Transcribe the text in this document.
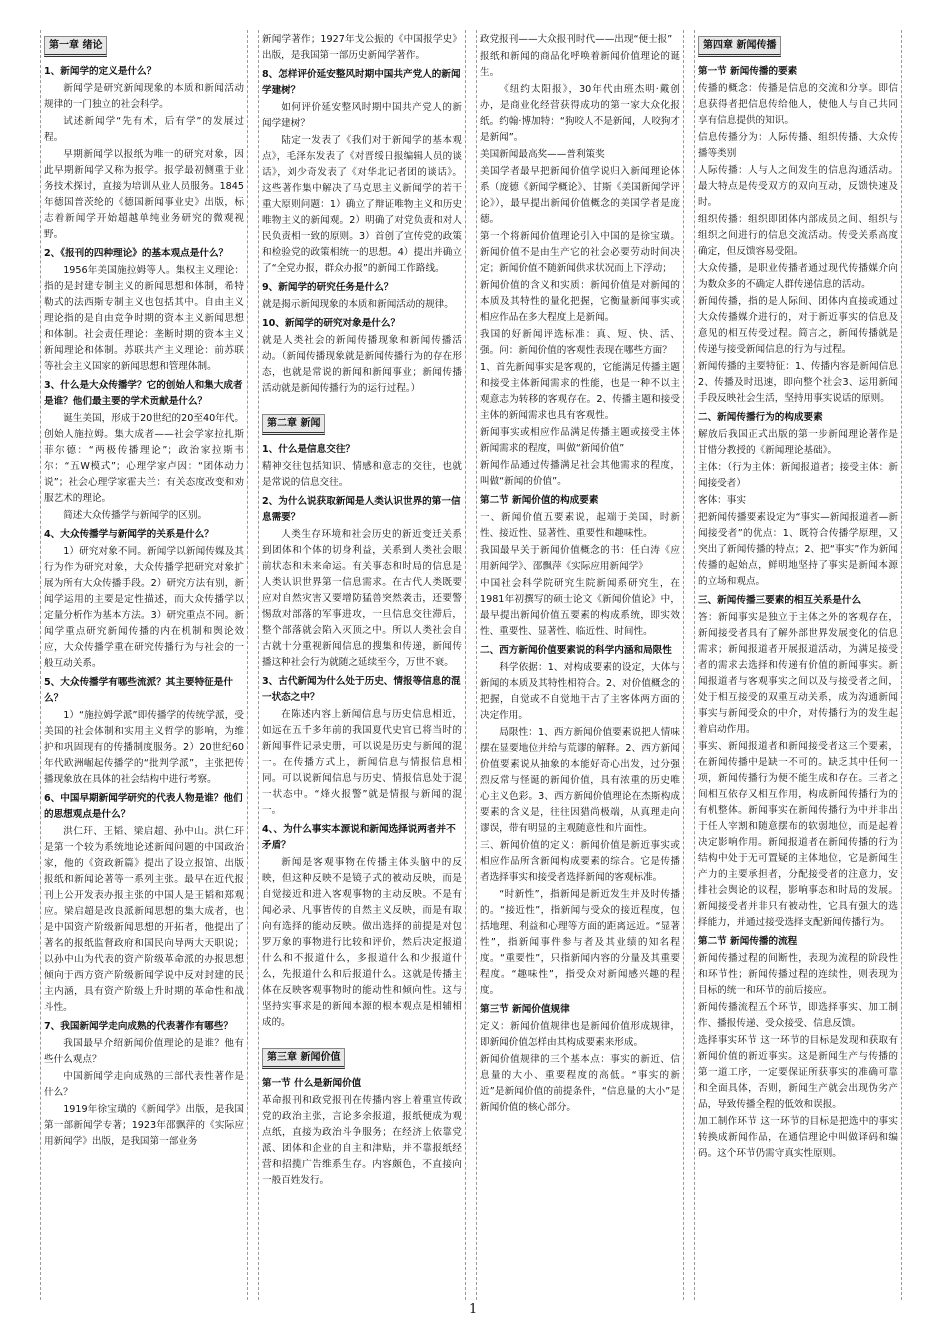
第一章 绪论
1、新闻学的定义是什么？

新闻学是研究新闻现象的本质和新闻活动规律的一门独立的社会科学。

试述新闻学“先有术，后有学”的发展过程。

早期新闻学以报纸为唯一的研究对象，因此早期新闻学又称为报学。报学最初侧重于业务技术探讨，直接为培训从业人员服务。1845年德国普茨纶的《德国新闻事业史》出版，标志着新闻学开始超越单纯业务研究的微观视野。

2、《报刊的四种理论》的基本观点是什么？

1956年美国施拉姆等人。集权主义理论：指的是封建专制主义的新闻思想和体制，希特勒式的法西斯专制主义也包括其中。自由主义理论指的是自由竞争时期的资本主义新闻思想和体制。社会责任理论：垄断时期的资本主义新闻理论和体制。苏联共产主义理论：前苏联等社会主义国家的新闻思想和管理体制。

3、什么是大众传播学？它的创始人和集大成者是谁？他们最主要的学术贡献是什么？

诞生美国，形成于20世纪的20至40年代。创始人施拉姆。集大成者——社会学家拉扎斯菲尔德：“两极传播理论”；政治家拉斯韦尔：“五W模式”；心理学家卢因：“团体动力说”；社会心理学家霍夫兰：有关态度改变和劝服艺术的理论。

简述大众传播学与新闻学的区别。

4、大众传播学与新闻学的关系是什么？

1）研究对象不同。新闻学以新闻传媒及其行为作为研究对象，大众传播学把研究对象扩展为所有大众传播手段。2）研究方法有别，新闻学运用的主要是定性描述，而大众传播学以定量分析作为基本方法。3）研究重点不同。新闻学重点研究新闻传播的内在机制和舆论效应，大众传播学重在研究传播行为与社会的一般互动关系。

5、大众传播学有哪些流派？其主要特征是什么？

1）“施拉姆学派”即传播学的传统学派，受美国的社会体制和实用主义哲学的影响，为维护和巩固现有的传播制度服务。2）20世纪60年代欧洲崛起传播学的“批判学派”，主张把传播现象放在具体的社会结构中进行考察。

6、中国早期新闻学研究的代表人物是谁？他们的思想观点是什么？

洪仁玕、王韬、梁启超、孙中山。洪仁玕是第一个较为系统地论述新闻问题的中国政治家，他的《资政新篇》提出了设立报馆、出版报纸和新闻论著等一系列主张。最早在近代报刊上公开发表办报主张的中国人是王韬和郑观应。梁启超是改良派新闻思想的集大成者，也是中国资产阶级新闻思想的开拓者，他提出了著名的报纸监督政府和国民向导两大天职说；以孙中山为代表的资产阶级革命派的办报思想倾向于西方资产阶级新闻学说中反对封建的民主内涵，具有资产阶级上升时期的革命性和战斗性。

7、我国新闻学走向成熟的代表著作有哪些？

我国最早介绍新闻价值理论的是谁？他有些什么观点？

中国新闻学走向成熟的三部代表性著作是什么？

1919年徐宝璜的《新闻学》出版，是我国第一部新闻学专著；1923年邵飘萍的《实际应用新闻学》出版，是我国第一部业务

新闻学著作；1927年戈公振的《中国报学史》出版，是我国第一部历史新闻学著作。

8、怎样评价延安整风时期中国共产党人的新闻学建树？

如何评价延安整风时期中国共产党人的新闻学建树？

陆定一发表了《我们对于新闻学的基本观点》，毛泽东发表了《对晋绥日报编辑人员的谈话》，刘少奇发表了《对华北记者团的谈话》。这些著作集中解决了马克思主义新闻学的若干重大原则问题：1）确立了辩证唯物主义和历史唯物主义的新闻观。2）明确了对党负责和对人民负责相一致的原则。3）首创了宣传党的政策和检验党的政策相统一的思想。4）提出并确立了“全党办报，群众办报”的新闻工作路线。

9、新闻学的研究任务是什么？

就是揭示新闻现象的本质和新闻活动的规律。

10、新闻学的研究对象是什么？

就是人类社会的新闻传播现象和新闻传播活动。（新闻传播现象就是新闻传播行为的存在形态，也就是常说的新闻和新闻事业；新闻传播活动就是新闻传播行为的运行过程。）

第二章 新闻
1、什么是信息交往？

精神交往包括知识、情感和意志的交往，也就是常说的信息交往。

2、为什么说获取新闻是人类认识世界的第一信息需要？

人类生存环境和社会历史的新近变迁关系到团体和个体的切身利益，关系到人类社会眼前状态和未来命运。有关事态和时局的信息是人类认识世界第一信息需求。在古代人类既要应对自然灾害又要增防猛兽突然袭击，还要警惕敌对部落的军事进攻，一旦信息交往滞后，整个部落就会陷入灭顶之中。所以人类社会自古就十分重视新闻信息的搜集和传递，新闻传播这种社会行为就随之延续至今，万世不衰。

3、古代新闻为什么处于历史、情报等信息的混一状态之中？

在陈述内容上新闻信息与历史信息相近，如远在五千多年前的我国夏代史官已将当时的新闻事件记录史册，可以说是历史与新闻的混一。在传播方式上，新闻信息与情报信息相同。可以说新闻信息与历史、情报信息处于混一状态中。“烽火报警”就是情报与新闻的混一。

4、、为什么事实本源说和新闻选择说两者并不矛盾？

新闻是客观事物在传播主体头脑中的反映，但这种反映不是镜子式的被动反映，而是自觉接近和进入客观事物的主动反映。不是有闻必录、凡事皆传的自然主义反映，而是有取向有选择的能动反映。做出选择的前提是对包罗万象的事物进行比较和评价，然后决定报道什么和不报道什么，多报道什么和少报道什么，先报道什么和后报道什么。这就是传播主体在反映客观事物时的能动性和倾向性。这与坚持实事求是的新闻本源的根本观点是相辅相成的。

第三章 新闻价值
第一节 什么是新闻价值

革命报刊和政党报刊在传播内容上着重宣传政党的政治主张，言论多余报道，报纸便成为观点纸，直接为政治斗争服务；在经济上依靠党派、团体和企业的自主和津贴，并不靠报纸经营和招揽广告维系生存。内容颇色，不直接向一般百姓发行。

政党报刊——大众报刊时代——出现“便士报”

报纸和新闻的商品化呼唤着新闻价值理论的诞生。

《纽约太阳报》，30年代由班杰明·戴创办，是商业化经营获得成功的第一家大众化报纸。约翰·博加特：“狗咬人不是新闻，人咬狗才是新闻”。

美国新闻最高奖——普利策奖

美国学者最早把新闻价值学说归入新闻理论体系（庞德《新闻学概论》、甘斯《美国新闻学评论》），最早提出新闻价值概念的美国学者是庞德。

第一个将新闻价值理论引入中国的是徐宝璜。新闻价值不是由生产它的社会必要劳动时间决定；新闻价值不随新闻供求状况而上下浮动；

新闻价值的含义和实质：新闻价值是对新闻的本质及其特性的量化把握，它衡量新闻事实或相应作品在多大程度上是新闻。

我国的好新闻评选标准：真、短、快、活、强。问：新闻价值的客观性表现在哪些方面？

1、首先新闻事实是客观的，它能满足传播主题和接受主体新闻需求的性能，也是一种不以主观意志为转移的客观存在。2、传播主题和接受主体的新闻需求也具有客观性。

新闻事实或相应作品满足传播主题或接受主体新闻需求的程度，叫做“新闻价值”

新闻作品通过传播满足社会其他需求的程度，叫做“新闻的价值”。

第二节 新闻价值的构成要素

一、新闻价值五要素说，起端于美国，时新性、接近性、显著性、重要性和趣味性。

我国最早关于新闻价值概念的书：任白涛《应用新闻学》、邵飘萍《实际应用新闻学》

中国社会科学院研究生院新闻系研究生，在1981年初撰写的硕士论文《新闻价值论》中，最早提出新闻价值五要素的构成系统，即实效性、重要性、显著性、临近性、时间性。

二、西方新闻价值要素说的科学内涵和局限性

科学依据：1、对构成要素的设定，大体与新闻的本质及其特性相符合。2、对价值概念的把握，自觉或不自觉地干古了主客体两方面的决定作用。

局限性：1、西方新闻价值要素说把人情味摆在显要地位并给与荒谬的解释。2、西方新闻价值要素说从抽象的本能好奇心出发，过分强烈反常与怪诞的新闻价值，具有浓重的历史唯心主义色彩。3、西方新闻价值理论在杰斯构成要素的含义是，往往因猎尚极端，从真理走向谬误，带有明显的主观随意性和片面性。

三、新闻价值的定义：新闻价值是新近事实或相应作品所含新闻构成要素的综合。它是传播者选择事实和接受者选择新闻的客观标准。

“时新性”，指新闻是新近发生并及时传播的。“接近性”，指新闻与受众的接近程度，包括地理、利益和心理等方面的距离远近。“显著性”，指新闻事件参与者及其业绩的知名程度。“重要性”，只指新闻内容的分量及其重要程度。“趣味性”，指受众对新闻感兴趣的程度。

第三节 新闻价值规律

定义：新闻价值规律也是新闻价值形成规律，即新闻价值怎样由其构成要素来形成。

新闻价值规律的三个基本点：事实的新近、信息量的大小、重要程度的高低。“事实的新近”是新闻价值的前提条件，“信息量的大小”是新闻价值的核心部分。

第四章 新闻传播
第一节 新闻传播的要素

传播的概念：传播是信息的交流和分享。即信息获得者把信息传给他人，使他人与自己共同享有信息提供的知识。

信息传播分为：人际传播、组织传播、大众传播等类别

人际传播：人与人之间发生的信息沟通活动。最大特点是传受双方的双向互动，反馈快速及时。

组织传播：组织即团体内部成员之间、组织与组织之间进行的信息交流活动。传受关系高度确定，但反馈容易受阻。

大众传播，是职业传播者通过现代传播媒介向为数众多的不确定人群传递信息的活动。

新闻传播，指的是人际间、团体内直接或通过大众传播媒介进行的，对于新近事实的信息及意见的相互传受过程。简言之，新闻传播就是传递与接受新闻信息的行为与过程。

新闻传播的主要特征：1、传播内容是新闻信息2、传播及时迅速，即向整个社会3、运用新闻手段反映社会生活，坚持用事实说话的原则。

二、新闻传播行为的构成要素

解放后我国正式出版的第一步新闻理论著作是甘惜分教授的《新闻理论基础》。

主体：（行为主体：新闻报道者；接受主体：新闻接受者）

客体：事实

把新闻传播要素设定为“事实—新闻报道者—新闻接受者”的优点：1、既符合传播学原理，又突出了新闻传播的特点；2、把“事实”作为新闻传播的起始点，鲜明地坚持了事实是新闻本源的立场和观点。

三、新闻传播三要素的相互关系是什么

答：新闻事实是独立于主体之外的客观存在，新闻接受者具有了解外部世界发展变化的信息需求；新闻报道者开展报道活动，为满足接受者的需求去选择和传递有价值的新闻事实。新闻报道者与客观事实之间以及与接受者之间，处于相互接受的双重互动关系，成为沟通新闻事实与新闻受众的中介，对传播行为的发生起着启动作用。

事实、新闻报道者和新闻接受者这三个要素，在新闻传播中是缺一不可的。缺乏其中任何一项，新闻传播行为便不能生成和存在。三者之间相互依存又相互作用，构成新闻传播行为的有机整体。新闻事实在新闻传播行为中并非出于任人宰割和随意摆布的软弱地位，而是起着决定影响作用。新闻报道者在新闻传播的行为结构中处于无可置疑的主体地位，它是新闻生产力的主要承担者，分配接受者的注意力，安排社会舆论的议程，影响事态和时局的发展。新闻接受者并非只有被动性，它具有强大的选择能力，并通过接受选择支配新闻传播行为。

第二节 新闻传播的流程

新闻传播过程的间断性，表现为流程的阶段性和环节性；新闻传播过程的连续性，则表现为目标的统一和环节的前后接应。

新闻传播流程五个环节，即选择事实、加工制作、播报传递、受众接受、信息反馈。

选择事实环节 这一环节的目标是发现和获取有新闻价值的新近事实。这是新闻生产与传播的第一道工序，一定要保证所获事实的准确可靠和全面具体，否则，新闻生产就会出现伪劣产品，导致传播全程的低效和误报。

加工制作环节 这一环节的目标是把选中的事实转换成新闻作品，在通信理论中叫做译码和编码。这个环节仍需守真实性原则。

1
